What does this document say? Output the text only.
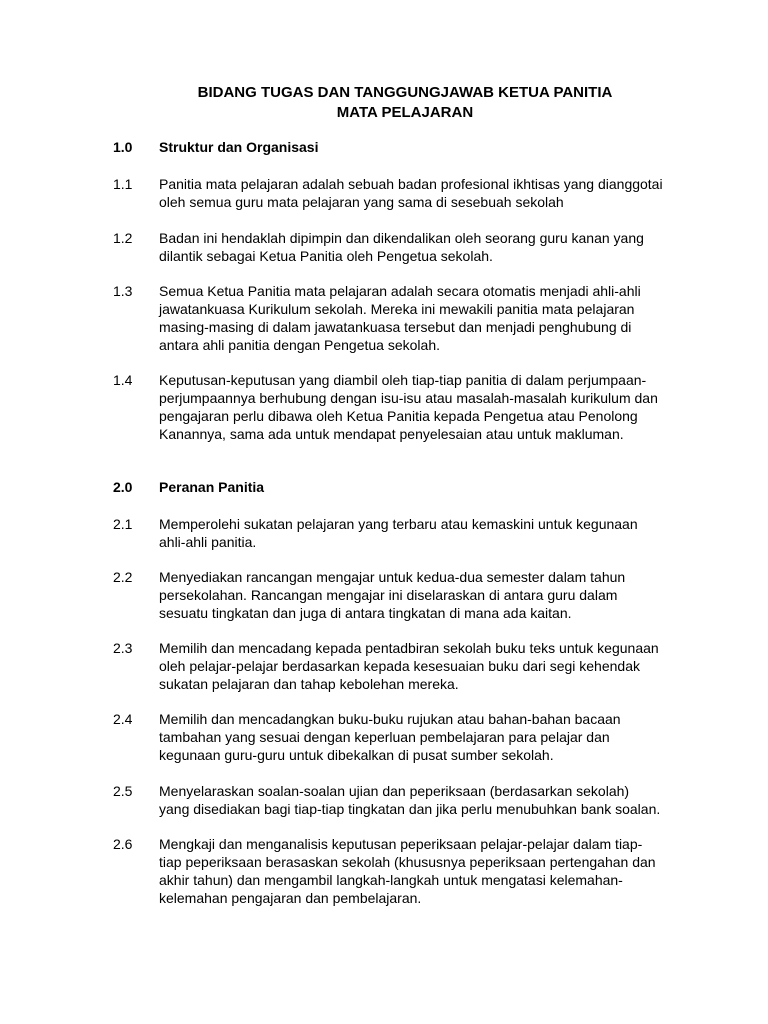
BIDANG TUGAS DAN TANGGUNGJAWAB KETUA PANITIA
MATA PELAJARAN
1.0 Struktur dan Organisasi
1.1 Panitia mata pelajaran adalah sebuah badan profesional ikhtisas yang dianggotai
oleh semua guru mata pelajaran yang sama di sesebuah sekolah
1.2 Badan ini hendaklah dipimpin dan dikendalikan oleh seorang guru kanan yang
dilantik sebagai Ketua Panitia oleh Pengetua sekolah.
1.3 Semua Ketua Panitia mata pelajaran adalah secara otomatis menjadi ahli-ahli
jawatankuasa Kurikulum sekolah. Mereka ini mewakili panitia mata pelajaran
masing-masing di dalam jawatankuasa tersebut dan menjadi penghubung di
antara ahli panitia dengan Pengetua sekolah.
1.4 Keputusan-keputusan yang diambil oleh tiap-tiap panitia di dalam perjumpaan-
perjumpaannya berhubung dengan isu-isu atau masalah-masalah kurikulum dan
pengajaran perlu dibawa oleh Ketua Panitia kepada Pengetua atau Penolong
Kanannya, sama ada untuk mendapat penyelesaian atau untuk makluman.
2.0 Peranan Panitia
2.1 Memperolehi sukatan pelajaran yang terbaru atau kemaskini untuk kegunaan
ahli-ahli panitia.
2.2 Menyediakan rancangan mengajar untuk kedua-dua semester dalam tahun
persekolahan. Rancangan mengajar ini diselaraskan di antara guru dalam
sesuatu tingkatan dan juga di antara tingkatan di mana ada kaitan.
2.3 Memilih dan mencadang kepada pentadbiran sekolah buku teks untuk kegunaan
oleh pelajar-pelajar berdasarkan kepada kesesuaian buku dari segi kehendak
sukatan pelajaran dan tahap kebolehan mereka.
2.4 Memilih dan mencadangkan buku-buku rujukan atau bahan-bahan bacaan
tambahan yang sesuai dengan keperluan pembelajaran para pelajar dan
kegunaan guru-guru untuk dibekalkan di pusat sumber sekolah.
2.5 Menyelaraskan soalan-soalan ujian dan peperiksaan (berdasarkan sekolah)
yang disediakan bagi tiap-tiap tingkatan dan jika perlu menubuhkan bank soalan.
2.6 Mengkaji dan menganalisis keputusan peperiksaan pelajar-pelajar dalam tiap-
tiap peperiksaan berasaskan sekolah (khususnya peperiksaan pertengahan dan
akhir tahun) dan mengambil langkah-langkah untuk mengatasi kelemahan-
kelemahan pengajaran dan pembelajaran.
